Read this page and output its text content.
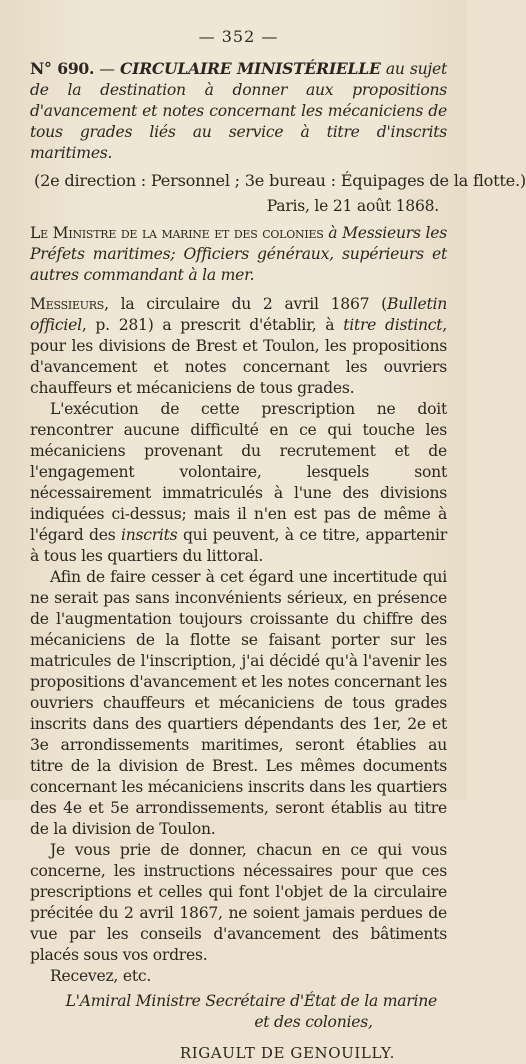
— 352 —

N° 690. — CIRCULAIRE MINISTÉRIELLE au sujet de la destination à donner aux propositions d'avancement et notes concernant les mécaniciens de tous grades liés au service à titre d'inscrits maritimes.

(2e direction : Personnel ; 3e bureau : Équipages de la flotte.)
Paris, le 21 août 1868.

Le Ministre de la marine et des colonies à Messieurs les Préfets maritimes; Officiers généraux, supérieurs et autres commandant à la mer.

Messieurs, la circulaire du 2 avril 1867 (Bulletin officiel, p. 281) a prescrit d'établir, à titre distinct, pour les divisions de Brest et Toulon, les propositions d'avancement et notes concernant les ouvriers chauffeurs et mécaniciens de tous grades.

L'exécution de cette prescription ne doit rencontrer aucune difficulté en ce qui touche les mécaniciens provenant du recrutement et de l'engagement volontaire, lesquels sont nécessairement immatriculés à l'une des divisions indiquées ci-dessus; mais il n'en est pas de même à l'égard des inscrits qui peuvent, à ce titre, appartenir à tous les quartiers du littoral.

Afin de faire cesser à cet égard une incertitude qui ne serait pas sans inconvénients sérieux, en présence de l'augmentation toujours croissante du chiffre des mécaniciens de la flotte se faisant porter sur les matricules de l'inscription, j'ai décidé qu'à l'avenir les propositions d'avancement et les notes concernant les ouvriers chauffeurs et mécaniciens de tous grades inscrits dans des quartiers dépendants des 1er, 2e et 3e arrondissements maritimes, seront établies au titre de la division de Brest. Les mêmes documents concernant les mécaniciens inscrits dans les quartiers des 4e et 5e arrondissements, seront établis au titre de la division de Toulon.

Je vous prie de donner, chacun en ce qui vous concerne, les instructions nécessaires pour que ces prescriptions et celles qui font l'objet de la circulaire précitée du 2 avril 1867, ne soient jamais perdues de vue par les conseils d'avancement des bâtiments placés sous vos ordres.

Recevez, etc.

L'Amiral Ministre Secrétaire d'État de la marine
et des colonies,
RIGAULT DE GENOUILLY.
